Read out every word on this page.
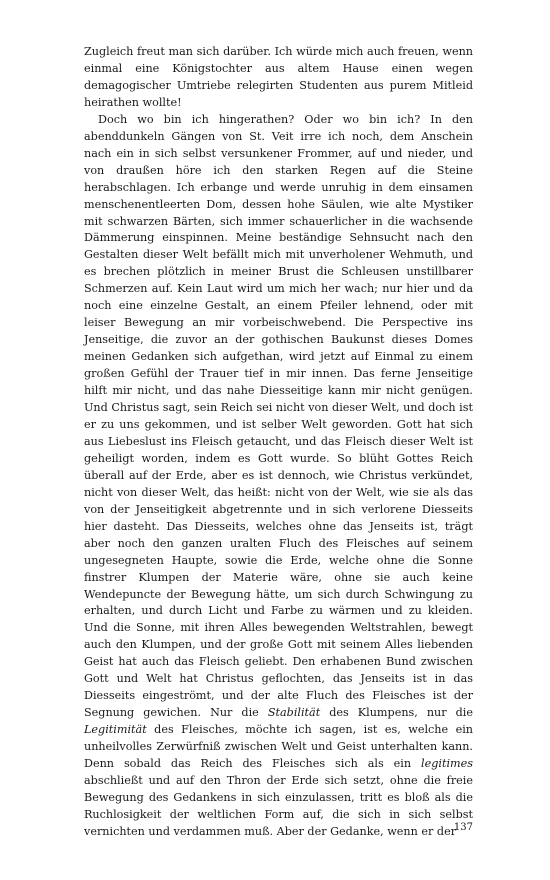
Zugleich freut man sich darüber. Ich würde mich auch freuen, wenn einmal eine Königstochter aus altem Hause einen wegen demagogischer Umtriebe relegirten Studenten aus purem Mitleid heirathen wollte!

Doch wo bin ich hingerathen? Oder wo bin ich? In den abenddunkeln Gängen von St. Veit irre ich noch, dem Anschein nach ein in sich selbst versunkener Frommer, auf und nieder, und von draußen höre ich den starken Regen auf die Steine herabschlagen. Ich erbange und werde unruhig in dem einsamen menschenentleerten Dom, dessen hohe Säulen, wie alte Mystiker mit schwarzen Bärten, sich immer schauerlicher in die wachsende Dämmerung einspinnen. Meine beständige Sehnsucht nach den Gestalten dieser Welt befällt mich mit unverholener Wehmuth, und es brechen plötzlich in meiner Brust die Schleusen unstillbarer Schmerzen auf. Kein Laut wird um mich her wach; nur hier und da noch eine einzelne Gestalt, an einem Pfeiler lehnend, oder mit leiser Bewegung an mir vorbeischwebend. Die Perspective ins Jenseitige, die zuvor an der gothischen Baukunst dieses Domes meinen Gedanken sich aufgethan, wird jetzt auf Einmal zu einem großen Gefühl der Trauer tief in mir innen. Das ferne Jenseitige hilft mir nicht, und das nahe Diesseitige kann mir nicht genügen. Und Christus sagt, sein Reich sei nicht von dieser Welt, und doch ist er zu uns gekommen, und ist selber Welt geworden. Gott hat sich aus Liebeslust ins Fleisch getaucht, und das Fleisch dieser Welt ist geheiligt worden, indem es Gott wurde. So blüht Gottes Reich überall auf der Erde, aber es ist dennoch, wie Christus verkündet, nicht von dieser Welt, das heißt: nicht von der Welt, wie sie als das von der Jenseitigkeit abgetrennte und in sich verlorene Diesseits hier dasteht. Das Diesseits, welches ohne das Jenseits ist, trägt aber noch den ganzen uralten Fluch des Fleisches auf seinem ungesegneten Haupte, sowie die Erde, welche ohne die Sonne finstrer Klumpen der Materie wäre, ohne sie auch keine Wendepuncte der Bewegung hätte, um sich durch Schwingung zu erhalten, und durch Licht und Farbe zu wärmen und zu kleiden. Und die Sonne, mit ihren Alles bewegenden Weltstrahlen, bewegt auch den Klumpen, und der große Gott mit seinem Alles liebenden Geist hat auch das Fleisch geliebt. Den erhabenen Bund zwischen Gott und Welt hat Christus geflochten, das Jenseits ist in das Diesseits eingeströmt, und der alte Fluch des Fleisches ist der Segnung gewichen. Nur die Stabilität des Klumpens, nur die Legitimität des Fleisches, möchte ich sagen, ist es, welche ein unheilvolles Zerwürfniß zwischen Welt und Geist unterhalten kann. Denn sobald das Reich des Fleisches sich als ein legitimes abschließt und auf den Thron der Erde sich setzt, ohne die freie Bewegung des Gedankens in sich einzulassen, tritt es bloß als die Ruchlosigkeit der weltlichen Form auf, die sich in sich selbst vernichten und verdammen muß. Aber der Gedanke, wenn er der

137
